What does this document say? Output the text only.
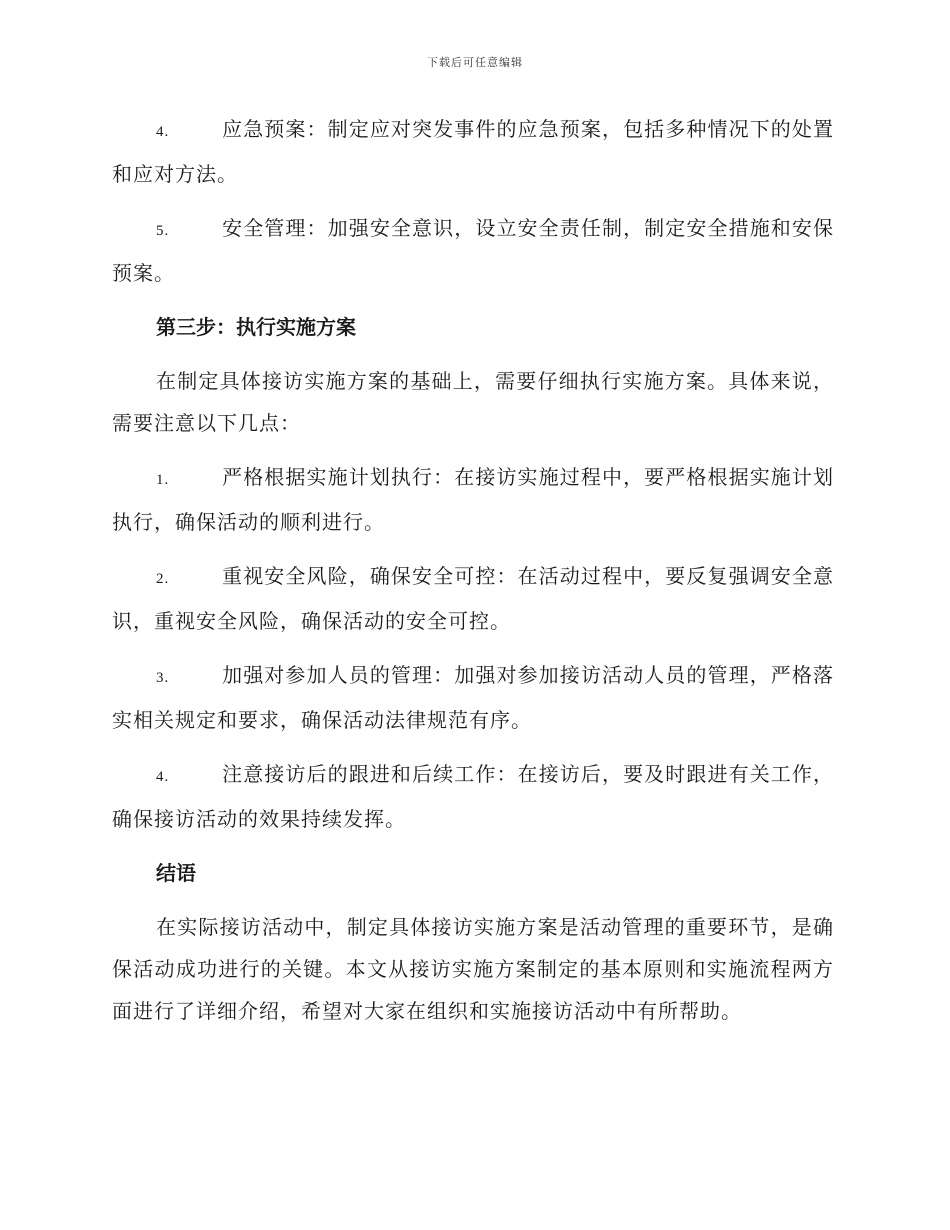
下载后可任意编辑

4.	应急预案：制定应对突发事件的应急预案，包括多种情况下的处置和应对方法。

5.	安全管理：加强安全意识，设立安全责任制，制定安全措施和安保预案。

第三步：执行实施方案

在制定具体接访实施方案的基础上，需要仔细执行实施方案。具体来说，需要注意以下几点：

1.	严格根据实施计划执行：在接访实施过程中，要严格根据实施计划执行，确保活动的顺利进行。

2.	重视安全风险，确保安全可控：在活动过程中，要反复强调安全意识，重视安全风险，确保活动的安全可控。

3.	加强对参加人员的管理：加强对参加接访活动人员的管理，严格落实相关规定和要求，确保活动法律规范有序。

4.	注意接访后的跟进和后续工作：在接访后，要及时跟进有关工作，确保接访活动的效果持续发挥。

结语

在实际接访活动中，制定具体接访实施方案是活动管理的重要环节，是确保活动成功进行的关键。本文从接访实施方案制定的基本原则和实施流程两方面进行了详细介绍，希望对大家在组织和实施接访活动中有所帮助。
